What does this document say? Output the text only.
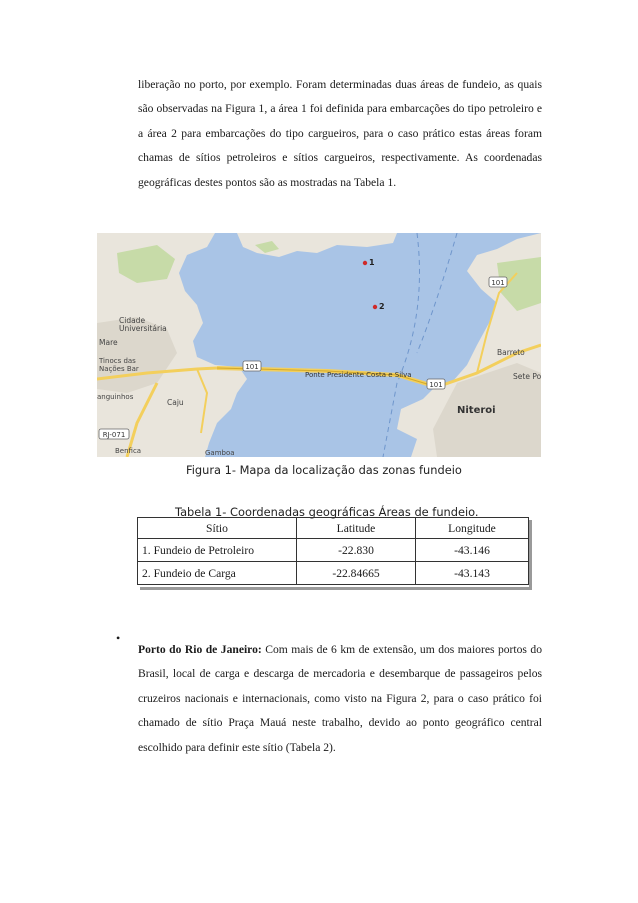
liberação no porto, por exemplo. Foram determinadas duas áreas de fundeio, as quais são observadas na Figura 1, a área 1 foi definida para embarcações do tipo petroleiro e a área 2 para embarcações do tipo cargueiros, para o caso prático estas áreas foram chamas de sítios petroleiros e sítios cargueiros, respectivamente. As coordenadas geográficas destes pontos são as mostradas na Tabela 1.

101
101
101
RJ-071
Ponte Presidente Costa e Silva
Cidade
Universitária
Mare
Tinocs das
Nações Bar
anguinhos
Caju
Benfica	Gamboa
Barreto
Sete Po
Niteroi
1
2
Figura 1- Mapa da localização das zonas fundeio
Tabela 1- Coordenadas geográficas Áreas de fundeio.
Sítio	Latitude	Longitude
1. Fundeio de Petroleiro	-22.830	-43.146
2. Fundeio de Carga	-22.84665	-43.143
•

Porto do Rio de Janeiro: Com mais de 6 km de extensão, um dos maiores portos do Brasil, local de carga e descarga de mercadoria e desembarque de passageiros pelos cruzeiros nacionais e internacionais, como visto na Figura 2, para o caso prático foi chamado de sítio Praça Mauá neste trabalho, devido ao ponto geográfico central escolhido para definir este sítio (Tabela 2).
